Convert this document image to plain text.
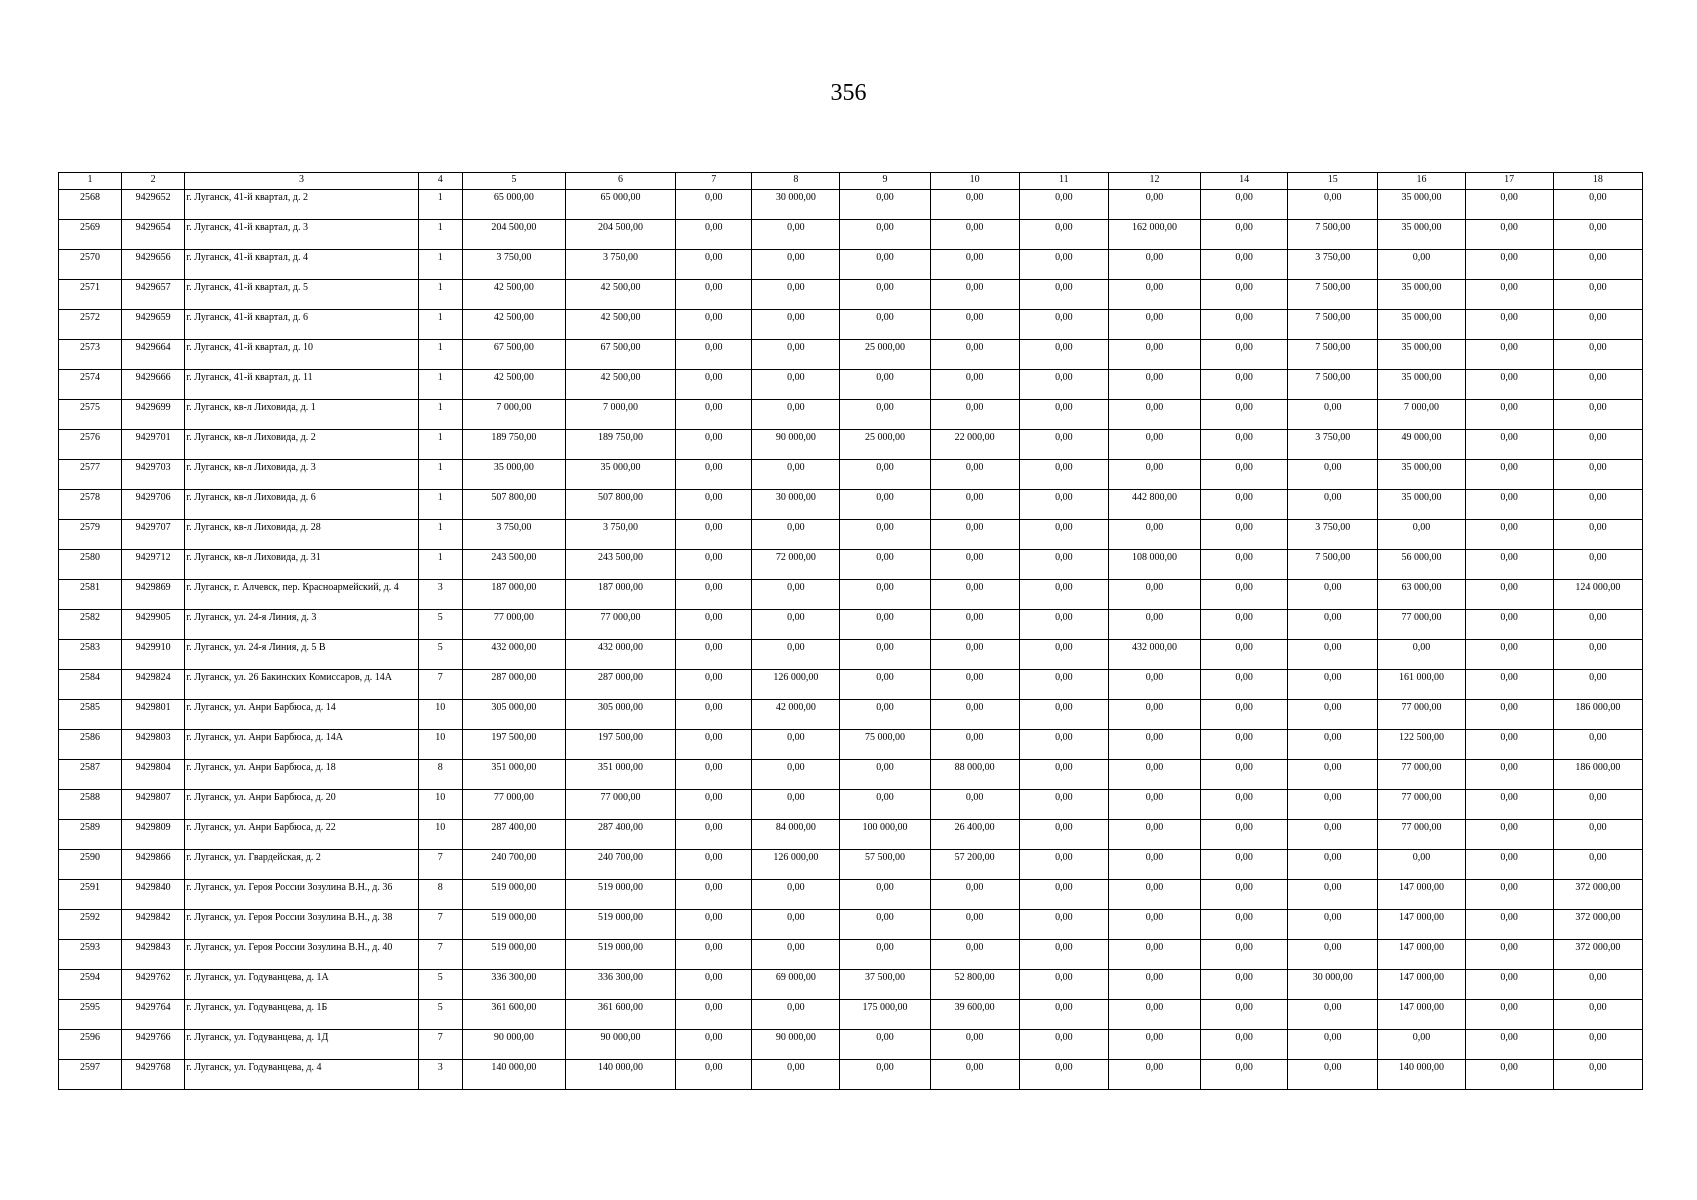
356
1	2	3	4	5	6	7	8	9	10	11	12	14	15	16	17	18
2568	9429652	г. Луганск, 41-й квартал, д. 2	1	65 000,00	65 000,00	0,00	30 000,00	0,00	0,00	0,00	0,00	0,00	0,00	35 000,00	0,00	0,00
2569	9429654	г. Луганск, 41-й квартал, д. 3	1	204 500,00	204 500,00	0,00	0,00	0,00	0,00	0,00	162 000,00	0,00	7 500,00	35 000,00	0,00	0,00
2570	9429656	г. Луганск, 41-й квартал, д. 4	1	3 750,00	3 750,00	0,00	0,00	0,00	0,00	0,00	0,00	0,00	3 750,00	0,00	0,00	0,00
2571	9429657	г. Луганск, 41-й квартал, д. 5	1	42 500,00	42 500,00	0,00	0,00	0,00	0,00	0,00	0,00	0,00	7 500,00	35 000,00	0,00	0,00
2572	9429659	г. Луганск, 41-й квартал, д. 6	1	42 500,00	42 500,00	0,00	0,00	0,00	0,00	0,00	0,00	0,00	7 500,00	35 000,00	0,00	0,00
2573	9429664	г. Луганск, 41-й квартал, д. 10	1	67 500,00	67 500,00	0,00	0,00	25 000,00	0,00	0,00	0,00	0,00	7 500,00	35 000,00	0,00	0,00
2574	9429666	г. Луганск, 41-й квартал, д. 11	1	42 500,00	42 500,00	0,00	0,00	0,00	0,00	0,00	0,00	0,00	7 500,00	35 000,00	0,00	0,00
2575	9429699	г. Луганск, кв-л Лиховида, д. 1	1	7 000,00	7 000,00	0,00	0,00	0,00	0,00	0,00	0,00	0,00	0,00	7 000,00	0,00	0,00
2576	9429701	г. Луганск, кв-л Лиховида, д. 2	1	189 750,00	189 750,00	0,00	90 000,00	25 000,00	22 000,00	0,00	0,00	0,00	3 750,00	49 000,00	0,00	0,00
2577	9429703	г. Луганск, кв-л Лиховида, д. 3	1	35 000,00	35 000,00	0,00	0,00	0,00	0,00	0,00	0,00	0,00	0,00	35 000,00	0,00	0,00
2578	9429706	г. Луганск, кв-л Лиховида, д. 6	1	507 800,00	507 800,00	0,00	30 000,00	0,00	0,00	0,00	442 800,00	0,00	0,00	35 000,00	0,00	0,00
2579	9429707	г. Луганск, кв-л Лиховида, д. 28	1	3 750,00	3 750,00	0,00	0,00	0,00	0,00	0,00	0,00	0,00	3 750,00	0,00	0,00	0,00
2580	9429712	г. Луганск, кв-л Лиховида, д. 31	1	243 500,00	243 500,00	0,00	72 000,00	0,00	0,00	0,00	108 000,00	0,00	7 500,00	56 000,00	0,00	0,00
2581	9429869	г. Луганск, г. Алчевск, пер. Красноармейский, д. 4	3	187 000,00	187 000,00	0,00	0,00	0,00	0,00	0,00	0,00	0,00	0,00	63 000,00	0,00	124 000,00
2582	9429905	г. Луганск, ул. 24-я Линия, д. 3	5	77 000,00	77 000,00	0,00	0,00	0,00	0,00	0,00	0,00	0,00	0,00	77 000,00	0,00	0,00
2583	9429910	г. Луганск, ул. 24-я Линия, д. 5 В	5	432 000,00	432 000,00	0,00	0,00	0,00	0,00	0,00	432 000,00	0,00	0,00	0,00	0,00	0,00
2584	9429824	г. Луганск, ул. 26 Бакинских Комиссаров, д. 14А	7	287 000,00	287 000,00	0,00	126 000,00	0,00	0,00	0,00	0,00	0,00	0,00	161 000,00	0,00	0,00
2585	9429801	г. Луганск, ул. Анри Барбюса, д. 14	10	305 000,00	305 000,00	0,00	42 000,00	0,00	0,00	0,00	0,00	0,00	0,00	77 000,00	0,00	186 000,00
2586	9429803	г. Луганск, ул. Анри Барбюса, д. 14А	10	197 500,00	197 500,00	0,00	0,00	75 000,00	0,00	0,00	0,00	0,00	0,00	122 500,00	0,00	0,00
2587	9429804	г. Луганск, ул. Анри Барбюса, д. 18	8	351 000,00	351 000,00	0,00	0,00	0,00	88 000,00	0,00	0,00	0,00	0,00	77 000,00	0,00	186 000,00
2588	9429807	г. Луганск, ул. Анри Барбюса, д. 20	10	77 000,00	77 000,00	0,00	0,00	0,00	0,00	0,00	0,00	0,00	0,00	77 000,00	0,00	0,00
2589	9429809	г. Луганск, ул. Анри Барбюса, д. 22	10	287 400,00	287 400,00	0,00	84 000,00	100 000,00	26 400,00	0,00	0,00	0,00	0,00	77 000,00	0,00	0,00
2590	9429866	г. Луганск, ул. Гвардейская, д. 2	7	240 700,00	240 700,00	0,00	126 000,00	57 500,00	57 200,00	0,00	0,00	0,00	0,00	0,00	0,00	0,00
2591	9429840	г. Луганск, ул. Героя России Зозулина В.Н., д. 36	8	519 000,00	519 000,00	0,00	0,00	0,00	0,00	0,00	0,00	0,00	0,00	147 000,00	0,00	372 000,00
2592	9429842	г. Луганск, ул. Героя России Зозулина В.Н., д. 38	7	519 000,00	519 000,00	0,00	0,00	0,00	0,00	0,00	0,00	0,00	0,00	147 000,00	0,00	372 000,00
2593	9429843	г. Луганск, ул. Героя России Зозулина В.Н., д. 40	7	519 000,00	519 000,00	0,00	0,00	0,00	0,00	0,00	0,00	0,00	0,00	147 000,00	0,00	372 000,00
2594	9429762	г. Луганск, ул. Годуванцева, д. 1А	5	336 300,00	336 300,00	0,00	69 000,00	37 500,00	52 800,00	0,00	0,00	0,00	30 000,00	147 000,00	0,00	0,00
2595	9429764	г. Луганск, ул. Годуванцева, д. 1Б	5	361 600,00	361 600,00	0,00	0,00	175 000,00	39 600,00	0,00	0,00	0,00	0,00	147 000,00	0,00	0,00
2596	9429766	г. Луганск, ул. Годуванцева, д. 1Д	7	90 000,00	90 000,00	0,00	90 000,00	0,00	0,00	0,00	0,00	0,00	0,00	0,00	0,00	0,00
2597	9429768	г. Луганск, ул. Годуванцева, д. 4	3	140 000,00	140 000,00	0,00	0,00	0,00	0,00	0,00	0,00	0,00	0,00	140 000,00	0,00	0,00
